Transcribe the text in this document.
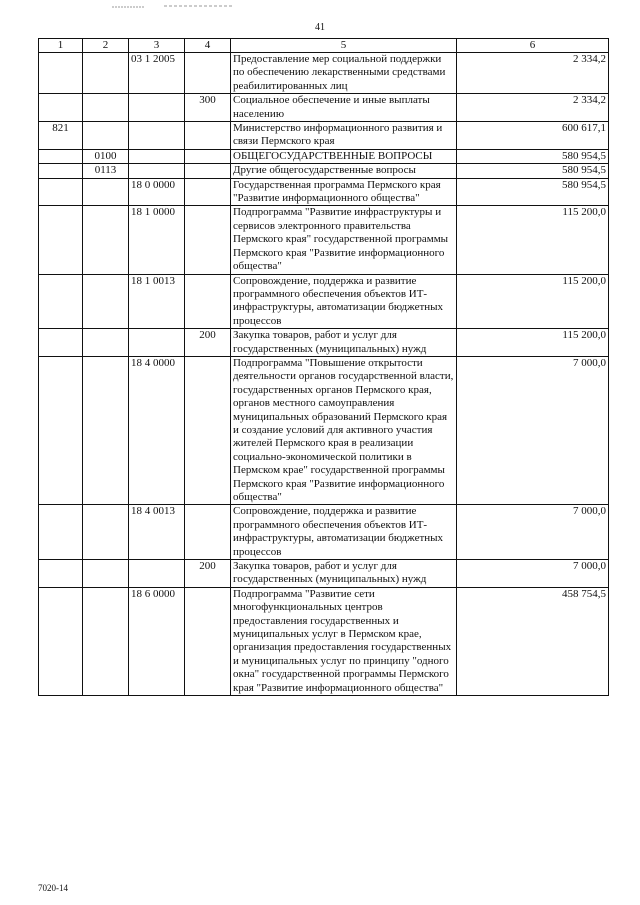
41
1	2	3	4	5	6
		03 1 2005		Предоставление мер социальной поддержки по обеспечению лекарственными средствами реабилитированных лиц	2 334,2
			300	Социальное обеспечение и иные выплаты населению	2 334,2
821				Министерство информационного развития и связи Пермского края	600 617,1
	0100			ОБЩЕГОСУДАРСТВЕННЫЕ ВОПРОСЫ	580 954,5
	0113			Другие общегосударственные вопросы	580 954,5
		18 0 0000		Государственная программа Пермского края "Развитие информационного общества"	580 954,5
		18 1 0000		Подпрограмма "Развитие инфраструктуры и сервисов электронного правительства Пермского края" государственной программы Пермского края "Развитие информационного общества"	115 200,0
		18 1 0013		Сопровождение, поддержка и развитие программного обеспечения объектов ИТ-инфраструктуры, автоматизации бюджетных процессов	115 200,0
			200	Закупка товаров, работ и услуг для государственных (муниципальных) нужд	115 200,0
		18 4 0000		Подпрограмма "Повышение открытости деятельности органов государственной власти, государственных органов Пермского края, органов местного самоуправления муниципальных образований Пермского края и создание условий для активного участия жителей Пермского края в реализации социально-экономической политики в Пермском крае" государственной программы Пермского края "Развитие информационного общества"	7 000,0
		18 4 0013		Сопровождение, поддержка и развитие программного обеспечения объектов ИТ-инфраструктуры, автоматизации бюджетных процессов	7 000,0
			200	Закупка товаров, работ и услуг для государственных (муниципальных) нужд	7 000,0
		18 6 0000		Подпрограмма "Развитие сети многофункциональных центров предоставления государственных и муниципальных услуг в Пермском крае, организация предоставления государственных и муниципальных услуг по принципу "одного окна" государственной программы Пермского края "Развитие информационного общества"	458 754,5
7020-14
